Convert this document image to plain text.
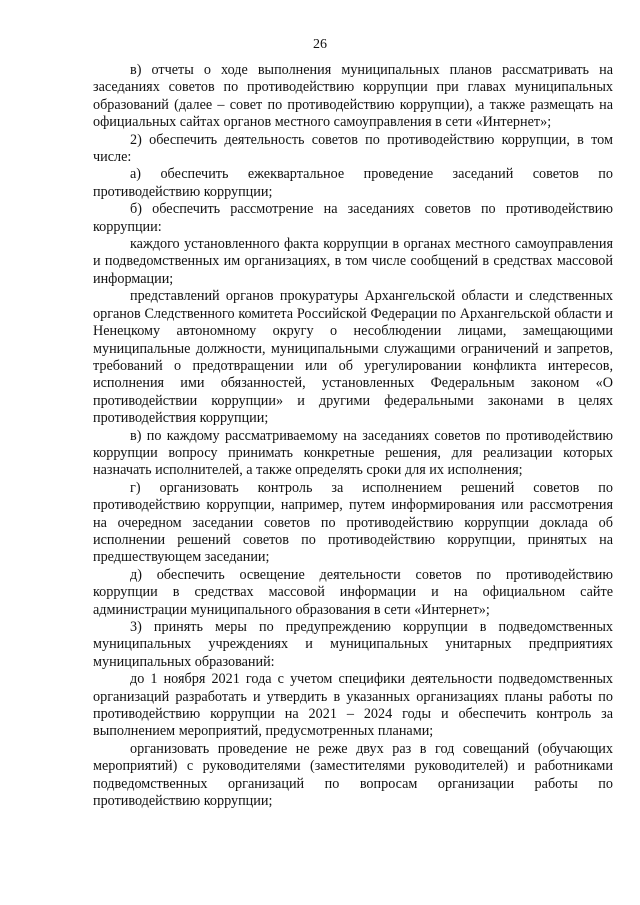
26

в) отчеты о ходе выполнения муниципальных планов рассматривать на заседаниях советов по противодействию коррупции при главах муниципальных образований (далее – совет по противодействию коррупции), а также размещать на официальных сайтах органов местного самоуправления в сети «Интернет»;

2) обеспечить деятельность советов по противодействию коррупции, в том числе:

а) обеспечить ежеквартальное проведение заседаний советов по противодействию коррупции;

б) обеспечить рассмотрение на заседаниях советов по противодействию коррупции:

каждого установленного факта коррупции в органах местного самоуправления и подведомственных им организациях, в том числе сообщений в средствах массовой информации;

представлений органов прокуратуры Архангельской области и следственных органов Следственного комитета Российской Федерации по Архангельской области и Ненецкому автономному округу о несоблюдении лицами, замещающими муниципальные должности, муниципальными служащими ограничений и запретов, требований о предотвращении или об урегулировании конфликта интересов, исполнения ими обязанностей, установленных Федеральным законом «О противодействии коррупции» и другими федеральными законами в целях противодействия коррупции;

в) по каждому рассматриваемому на заседаниях советов по противодействию коррупции вопросу принимать конкретные решения, для реализации которых назначать исполнителей, а также определять сроки для их исполнения;

г) организовать контроль за исполнением решений советов по противодействию коррупции, например, путем информирования или рассмотрения на очередном заседании советов по противодействию коррупции доклада об исполнении решений советов по противодействию коррупции, принятых на предшествующем заседании;

д) обеспечить освещение деятельности советов по противодействию коррупции в средствах массовой информации и на официальном сайте администрации муниципального образования в сети «Интернет»;

3) принять меры по предупреждению коррупции в подведомственных муниципальных учреждениях и муниципальных унитарных предприятиях муниципальных образований:

до 1 ноября 2021 года с учетом специфики деятельности подведомственных организаций разработать и утвердить в указанных организациях планы работы по противодействию коррупции на 2021 – 2024 годы и обеспечить контроль за выполнением мероприятий, предусмотренных планами;

организовать проведение не реже двух раз в год совещаний (обучающих мероприятий) с руководителями (заместителями руководителей) и работниками подведомственных организаций по вопросам организации работы по противодействию коррупции;
